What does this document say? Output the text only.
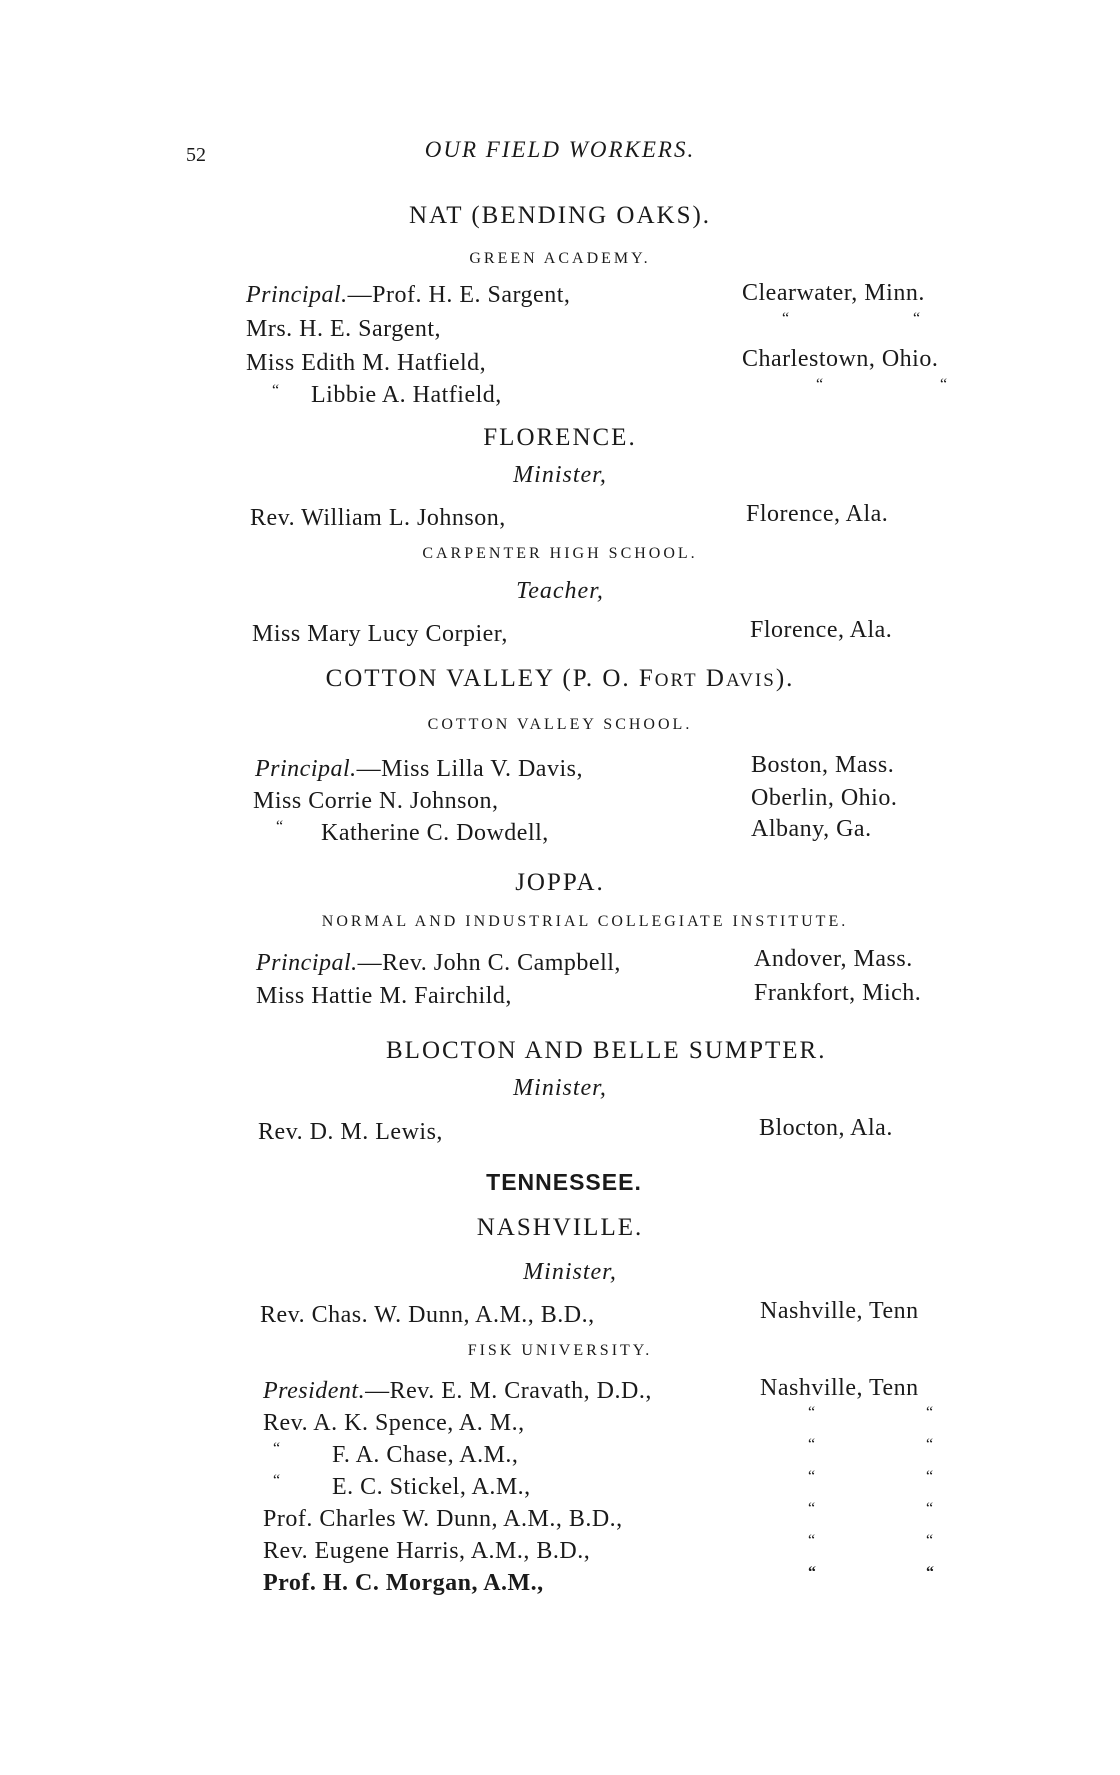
52	OUR FIELD WORKERS.
NAT (BENDING OAKS).
GREEN ACADEMY.
Principal.—Prof. H. E. Sargent,	Clearwater, Minn.
Mrs. H. E. Sargent,	“	“
Miss Edith M. Hatfield,	Charlestown, Ohio.
“ Libbie A. Hatfield,	“	“
FLORENCE.
Minister,
Rev. William L. Johnson,	Florence, Ala.
CARPENTER HIGH SCHOOL.
Teacher,
Miss Mary Lucy Corpier,	Florence, Ala.
COTTON VALLEY (P. O. FORT DAVIS).
COTTON VALLEY SCHOOL.
Principal.—Miss Lilla V. Davis,	Boston, Mass.
Miss Corrie N. Johnson,	Oberlin, Ohio.
“ Katherine C. Dowdell,	Albany, Ga.
JOPPA.
NORMAL AND INDUSTRIAL COLLEGIATE INSTITUTE.
Principal.—Rev. John C. Campbell,	Andover, Mass.
Miss Hattie M. Fairchild,	Frankfort, Mich.
BLOCTON AND BELLE SUMPTER.
Minister,
Rev. D. M. Lewis,	Blocton, Ala.
TENNESSEE.
NASHVILLE.
Minister,
Rev. Chas. W. Dunn, A.M., B.D.,	Nashville, Tenn
FISK UNIVERSITY.
President.—Rev. E. M. Cravath, D.D.,	Nashville, Tenn
Rev. A. K. Spence, A. M.,	“	“
“ F. A. Chase, A.M.,	“	“
“ E. C. Stickel, A.M.,	“	“
Prof. Charles W. Dunn, A.M., B.D.,	“	“
Rev. Eugene Harris, A.M., B.D.,	“	“
Prof. H. C. Morgan, A.M.,	“	“
